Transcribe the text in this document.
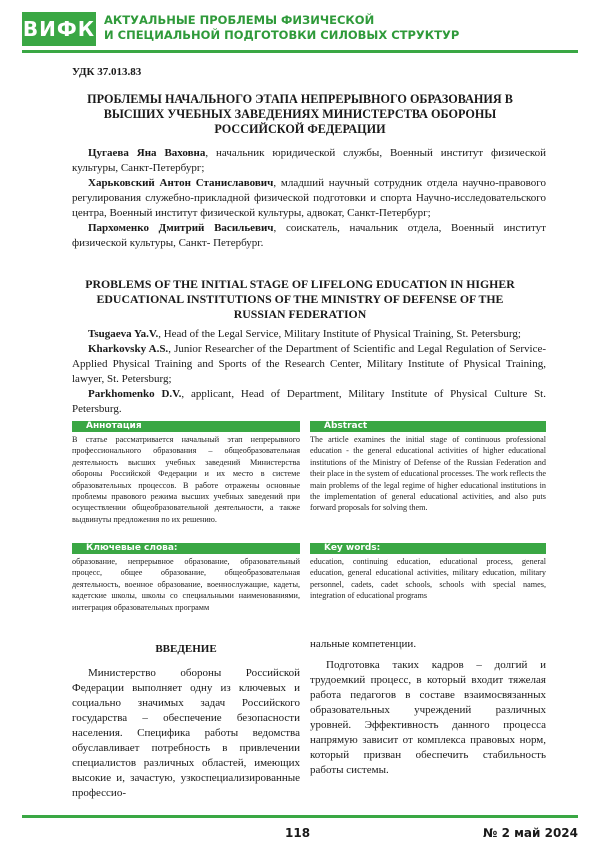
ВИФК АКТУАЛЬНЫЕ ПРОБЛЕМЫ ФИЗИЧЕСКОЙ
И СПЕЦИАЛЬНОЙ ПОДГОТОВКИ СИЛОВЫХ СТРУКТУР
УДК 37.013.83
ПРОБЛЕМЫ НАЧАЛЬНОГО ЭТАПА НЕПРЕРЫВНОГО ОБРАЗОВАНИЯ В ВЫСШИХ УЧЕБНЫХ ЗАВЕДЕНИЯХ МИНИСТЕРСТВА ОБОРОНЫ РОССИЙСКОЙ ФЕДЕРАЦИИ

Цугаева Яна Ваховна, начальник юридической службы, Военный институт физической культуры, Санкт-Петербург;

Харьковский Антон Станиславович, младший научный сотрудник отдела научно-правового регулирования служебно-прикладной физической подготовки и спорта Научно-исследовательского центра, Военный институт физической культуры, адвокат, Санкт-Петербург;

Пархоменко Дмитрий Васильевич, соискатель, начальник отдела, Военный институт физической культуры, Санкт- Петербург.

PROBLEMS OF THE INITIAL STAGE OF LIFELONG EDUCATION IN HIGHER EDUCATIONAL INSTITUTIONS OF THE MINISTRY OF DEFENSE OF THE RUSSIAN FEDERATION

Tsugaeva Ya.V., Head of the Legal Service, Military Institute of Physical Training, St. Petersburg;

Kharkovsky A.S., Junior Researcher of the Department of Scientific and Legal Regulation of Service-Applied Physical Training and Sports of the Research Center, Military Institute of Physical Training, lawyer, St. Petersburg;

Parkhomenko D.V., applicant, Head of Department, Military Institute of Physical Culture St. Petersburg.

Аннотация
В статье рассматривается начальный этап непрерывного профессионального образования – общеобразовательная деятельность высших учебных заведений Министерства обороны Российской Федерации и их место в системе образовательных процессов. В работе отражены основные проблемы правового режима высших учебных заведений при осуществлении общеобразовательной деятельности, а также выдвинуты предложения по их решению.
Abstract
The article examines the initial stage of continuous professional education - the general educational activities of higher educational institutions of the Ministry of Defense of the Russian Federation and their place in the system of educational processes. The work reflects the main problems of the legal regime of higher educational institutions in the implementation of general educational activities, and also puts forward proposals for solving them.
Ключевые слова:
образование, непрерывное образование, образовательный процесс, общее образование, общеобразовательная деятельность, военное образование, военнослужащие, кадеты, кадетские школы, школы со специальными наименованиями, интеграция образовательных программ
Key words:
education, continuing education, educational process, general education, general educational activities, military education, military personnel, cadets, cadet schools, schools with special names, integration of educational programs
ВВЕДЕНИЕ
Министерство обороны Российской Федерации выполняет одну из ключевых и социально значимых задач Российского государства – обеспечение безопасности населения. Специфика работы ведомства обуславливает потребность в привлечении специалистов различных областей, имеющих высокие и, зачастую, узкоспециализированные профессио-

нальные компетенции.

Подготовка таких кадров – долгий и трудоемкий процесс, в который входит тяжелая работа педагогов в составе взаимосвязанных образовательных учреждений различных уровней. Эффективность данного процесса напрямую зависит от комплекса правовых норм, который призван обеспечить стабильность работы системы.

118	№ 2 май 2024
